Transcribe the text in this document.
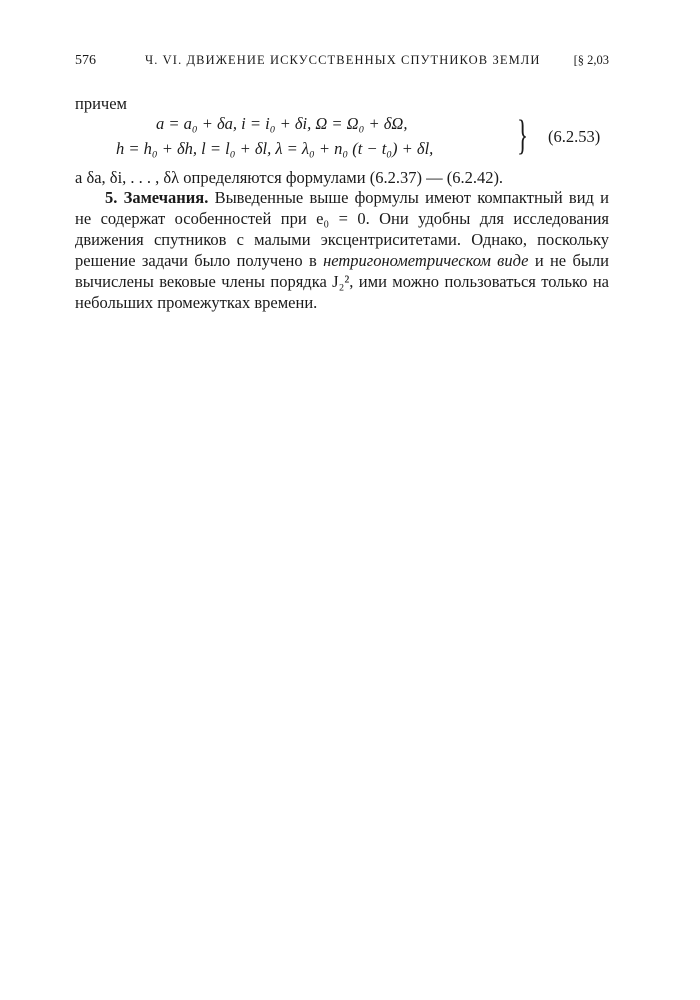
576	Ч. VI. ДВИЖЕНИЕ ИСКУССТВЕННЫХ СПУТНИКОВ ЗЕМЛИ	[§ 2,03
причем
a = a₀ + δa, i = i₀ + δi, Ω = Ω₀ + δΩ,
h = h₀ + δh, l = l₀ + δl, λ = λ₀ + n₀ (t − t₀) + δl, } (6.2.53)
а δa, δi, . . . , δλ определяются формулами (6.2.37) — (6.2.42).
5. Замечания. Выведенные выше формулы имеют компактный вид и не содержат особенностей при e₀ = 0. Они удобны для исследования движения спутников с малыми эксцентриситетами. Однако, поскольку решение задачи было получено в нетригонометрическом виде и не были вычислены вековые члены порядка J₂², ими можно пользоваться только на небольших промежутках времени.
